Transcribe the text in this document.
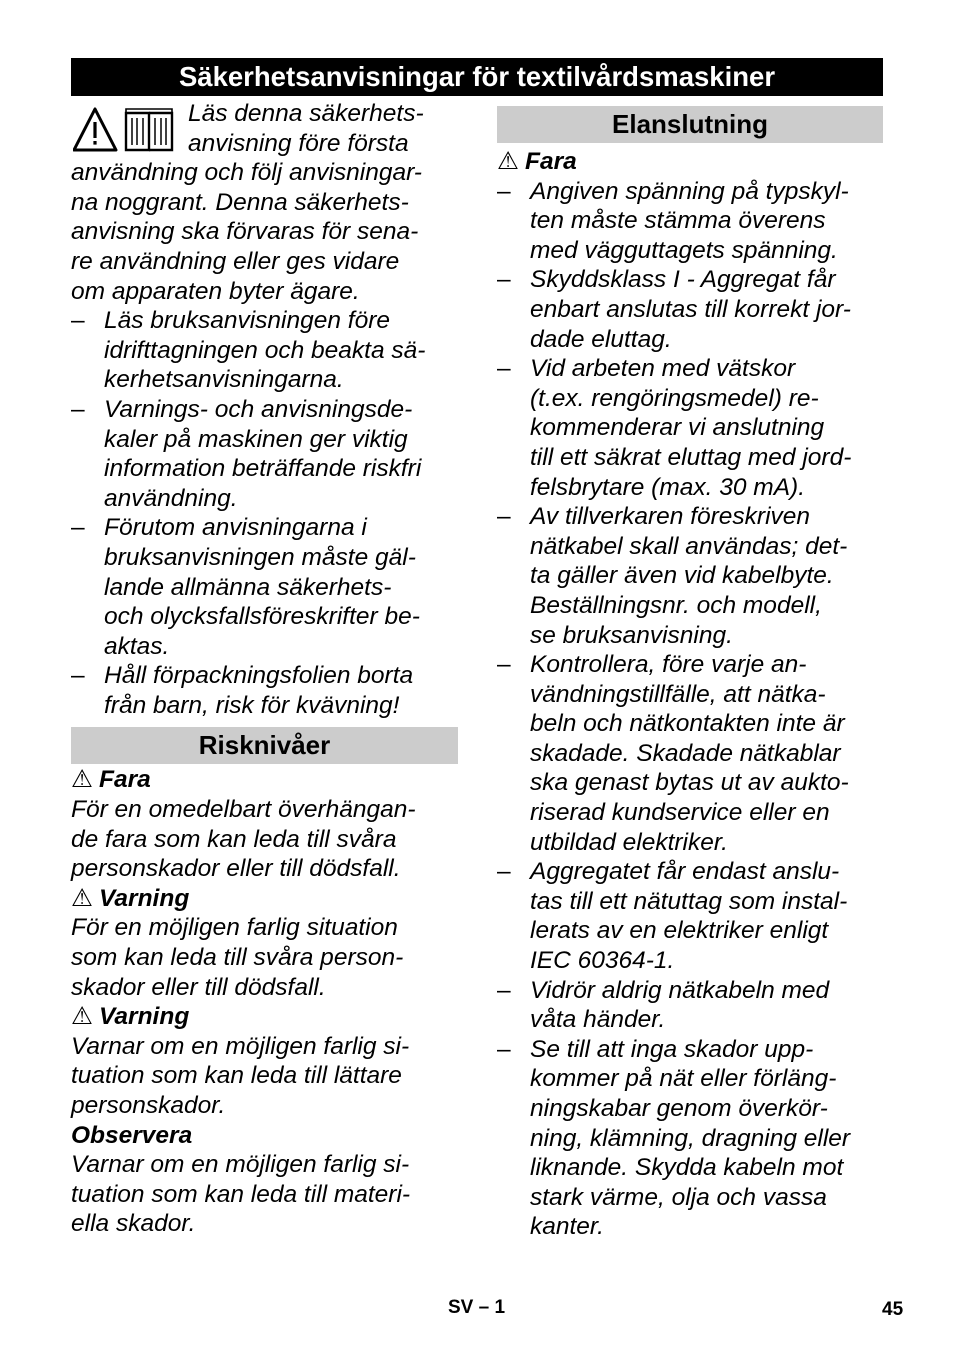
Säkerhetsanvisningar för textilvårdsmaskiner
Läs denna säkerhets-
anvisning före första
användning och följ anvisningar-
na noggrant. Denna säkerhets-
anvisning ska förvaras för sena-
re användning eller ges vidare
om apparaten byter ägare.
– Läs bruksanvisningen före
idrifttagningen och beakta sä-
kerhetsanvisningarna.
– Varnings- och anvisningsde-
kaler på maskinen ger viktig
information beträffande riskfri
användning.
– Förutom anvisningarna i
bruksanvisningen måste gäl-
lande allmänna säkerhets-
och olycksfallsföreskrifter be-
aktas.
– Håll förpackningsfolien borta
från barn, risk för kvävning!
Risknivåer
⚠ Fara
För en omedelbart överhängan-
de fara som kan leda till svåra
personskador eller till dödsfall.
⚠ Varning
För en möjligen farlig situation
som kan leda till svåra person-
skador eller till dödsfall.
⚠ Varning
Varnar om en möjligen farlig si-
tuation som kan leda till lättare
personskador.
Observera
Varnar om en möjligen farlig si-
tuation som kan leda till materi-
ella skador.
Elanslutning
⚠ Fara
– Angiven spänning på typskyl-
ten måste stämma överens
med vägguttagets spänning.
– Skyddsklass I - Aggregat får
enbart anslutas till korrekt jor-
dade eluttag.
– Vid arbeten med vätskor
(t.ex. rengöringsmedel) re-
kommenderar vi anslutning
till ett säkrat eluttag med jord-
felsbrytare (max. 30 mA).
– Av tillverkaren föreskriven
nätkabel skall användas; det-
ta gäller även vid kabelbyte.
Beställningsnr. och modell,
se bruksanvisning.
– Kontrollera, före varje an-
vändningstillfälle, att nätka-
beln och nätkontakten inte är
skadade. Skadade nätkablar
ska genast bytas ut av aukto-
riserad kundservice eller en
utbildad elektriker.
– Aggregatet får endast anslu-
tas till ett nätuttag som instal-
lerats av en elektriker enligt
IEC 60364-1.
– Vidrör aldrig nätkabeln med
våta händer.
– Se till att inga skador upp-
kommer på nät eller förläng-
ningskabar genom överkör-
ning, klämning, dragning eller
liknande. Skydda kabeln mot
stark värme, olja och vassa
kanter.
SV – 1	45
